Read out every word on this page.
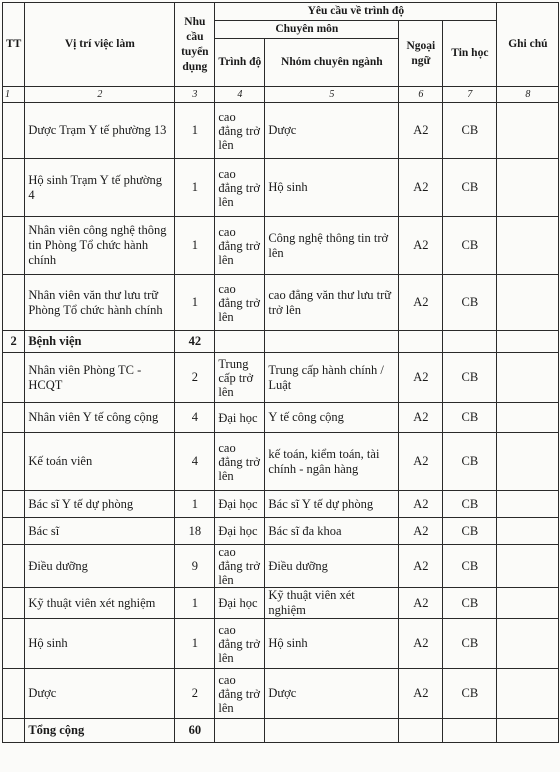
TT	Vị trí việc làm	Nhu cầu tuyển dụng	Yêu cầu về trình độ				Ghi chú
			Chuyên môn		Ngoại ngữ	Tin học	
			Trình độ	Nhóm chuyên ngành			
1	2	3	4	5	6	7	8
	Dược Trạm Y tế phường 13	1	cao đẳng trở lên	Dược	A2	CB	
	Hộ sinh Trạm Y tế phường 4	1	cao đẳng trở lên	Hộ sinh	A2	CB	
	Nhân viên công nghệ thông tin Phòng Tổ chức hành chính	1	cao đẳng trở lên	Công nghệ thông tin trở lên	A2	CB	
	Nhân viên văn thư lưu trữ Phòng Tổ chức hành chính	1	cao đẳng trở lên	cao đẳng văn thư lưu trữ trở lên	A2	CB	
2	Bệnh viện	42					
	Nhân viên Phòng TC - HCQT	2	Trung cấp trở lên	Trung cấp hành chính / Luật	A2	CB	
	Nhân viên Y tế công cộng	4	Đại học	Y tế công cộng	A2	CB	
	Kế toán viên	4	cao đẳng trở lên	kế toán, kiểm toán, tài chính - ngân hàng	A2	CB	
	Bác sĩ Y tế dự phòng	1	Đại học	Bác sĩ Y tế dự phòng	A2	CB	
	Bác sĩ	18	Đại học	Bác sĩ đa khoa	A2	CB	
	Điều dưỡng	9	cao đẳng trở lên	Điều dưỡng	A2	CB	
	Kỹ thuật viên xét nghiệm	1	Đại học	Kỹ thuật viên xét nghiệm	A2	CB	
	Hộ sinh	1	cao đẳng trở lên	Hộ sinh	A2	CB	
	Dược	2	cao đẳng trở lên	Dược	A2	CB	
	Tổng cộng	60					
